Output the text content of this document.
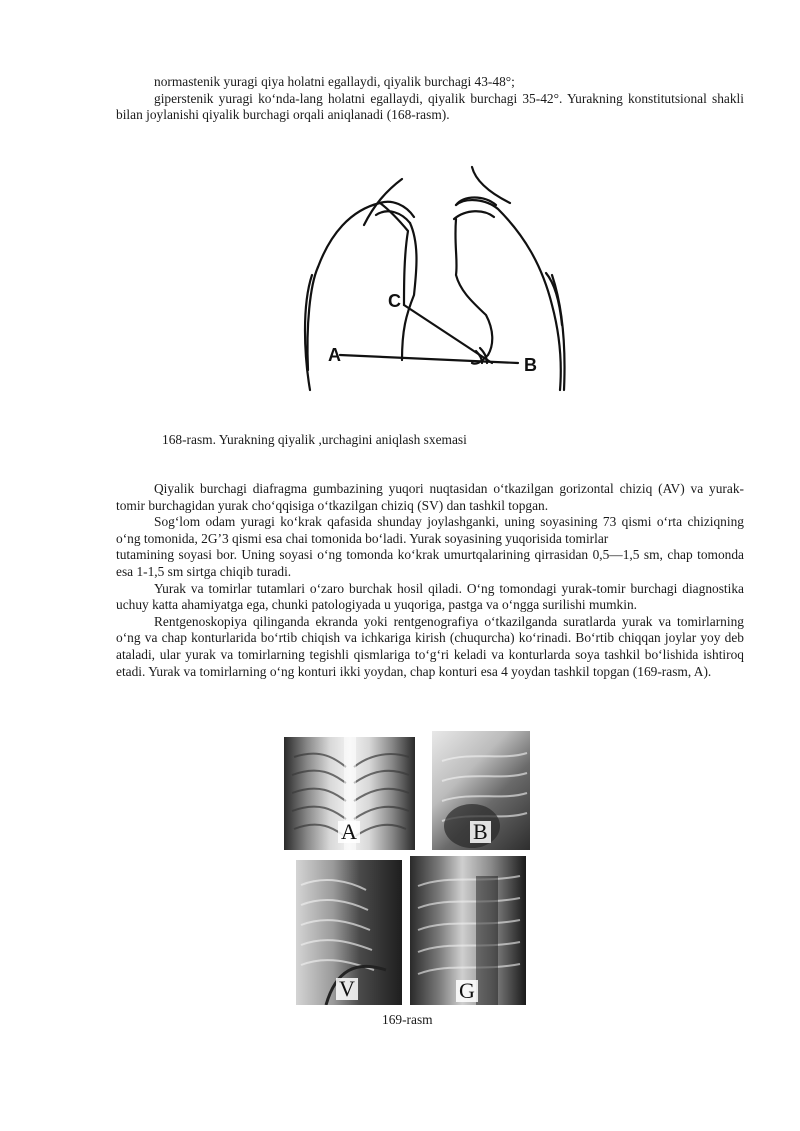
normastenik yuragi qiya holatni egallaydi, qiyalik burchagi 43-48°;

giperstenik yuragi ko‘nda-lang holatni egallaydi, qiyalik burchagi 35-42°. Yurakning konstitutsional shakli bilan joylanishi qiyalik burchagi orqali aniqlanadi (168-rasm).

A	B
C
168-rasm. Yurakning qiyalik ,urchagini aniqlash sxemasi

Qiyalik burchagi diafragma gumbazining yuqori nuqtasidan o‘tkazilgan gorizontal chiziq (AV) va yurak-tomir burchagidan yurak cho‘qqisiga o‘tkazilgan chiziq (SV) dan tashkil topgan.

Sog‘lom odam yuragi ko‘krak qafasida shunday joylashganki, uning soyasining 73 qismi o‘rta chiziqning o‘ng tomonida, 2G’3 qismi esa chai tomonida bo‘ladi. Yurak soyasining yuqorisida tomirlar

tutamining soyasi bor. Uning soyasi o‘ng tomonda ko‘krak umurtqalarining qirrasidan 0,5—1,5 sm, chap tomonda esa 1-1,5 sm sirtga chiqib turadi.

Yurak va tomirlar tutamlari o‘zaro burchak hosil qiladi. O‘ng tomondagi yurak-tomir burchagi diagnostika uchuy katta ahamiyatga ega, chunki patologiyada u yuqoriga, pastga va o‘ngga surilishi mumkin.

Rentgenoskopiya qilinganda ekranda yoki rentgenografiya o‘tkazilganda suratlarda yurak va tomirlarning o‘ng va chap konturlarida bo‘rtib chiqish va ichkariga kirish (chuqurcha) ko‘rinadi. Bo‘rtib chiqqan joylar yoy deb ataladi, ular yurak va tomirlarning tegishli qismlariga to‘g‘ri keladi va konturlarda soya tashkil bo‘lishida ishtiroq etadi. Yurak va tomirlarning o‘ng konturi ikki yoydan, chap konturi esa 4 yoydan tashkil topgan (169-rasm, A).

A	B
V	G
169-rasm
